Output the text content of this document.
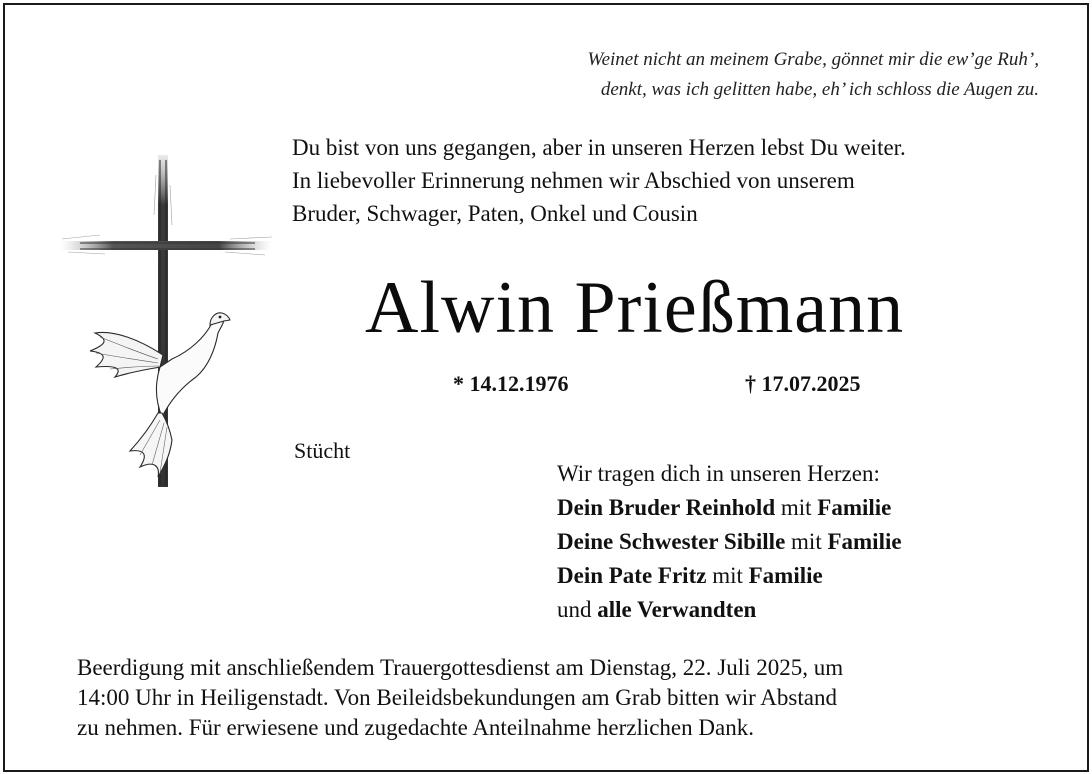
Weinet nicht an meinem Grabe, gönnet mir die ew’ge Ruh’,
denkt, was ich gelitten habe, eh’ ich schloss die Augen zu.
Du bist von uns gegangen, aber in unseren Herzen lebst Du weiter.
In liebevoller Erinnerung nehmen wir Abschied von unserem
Bruder, Schwager, Paten, Onkel und Cousin
Alwin Prießmann
* 14.12.1976	† 17.07.2025
Stücht
Wir tragen dich in unseren Herzen:
Dein Bruder Reinhold mit Familie
Deine Schwester Sibille mit Familie
Dein Pate Fritz mit Familie
und alle Verwandten
Beerdigung mit anschließendem Trauergottesdienst am Dienstag, 22. Juli 2025, um
14:00 Uhr in Heiligenstadt. Von Beileidsbekundungen am Grab bitten wir Abstand
zu nehmen. Für erwiesene und zugedachte Anteilnahme herzlichen Dank.
